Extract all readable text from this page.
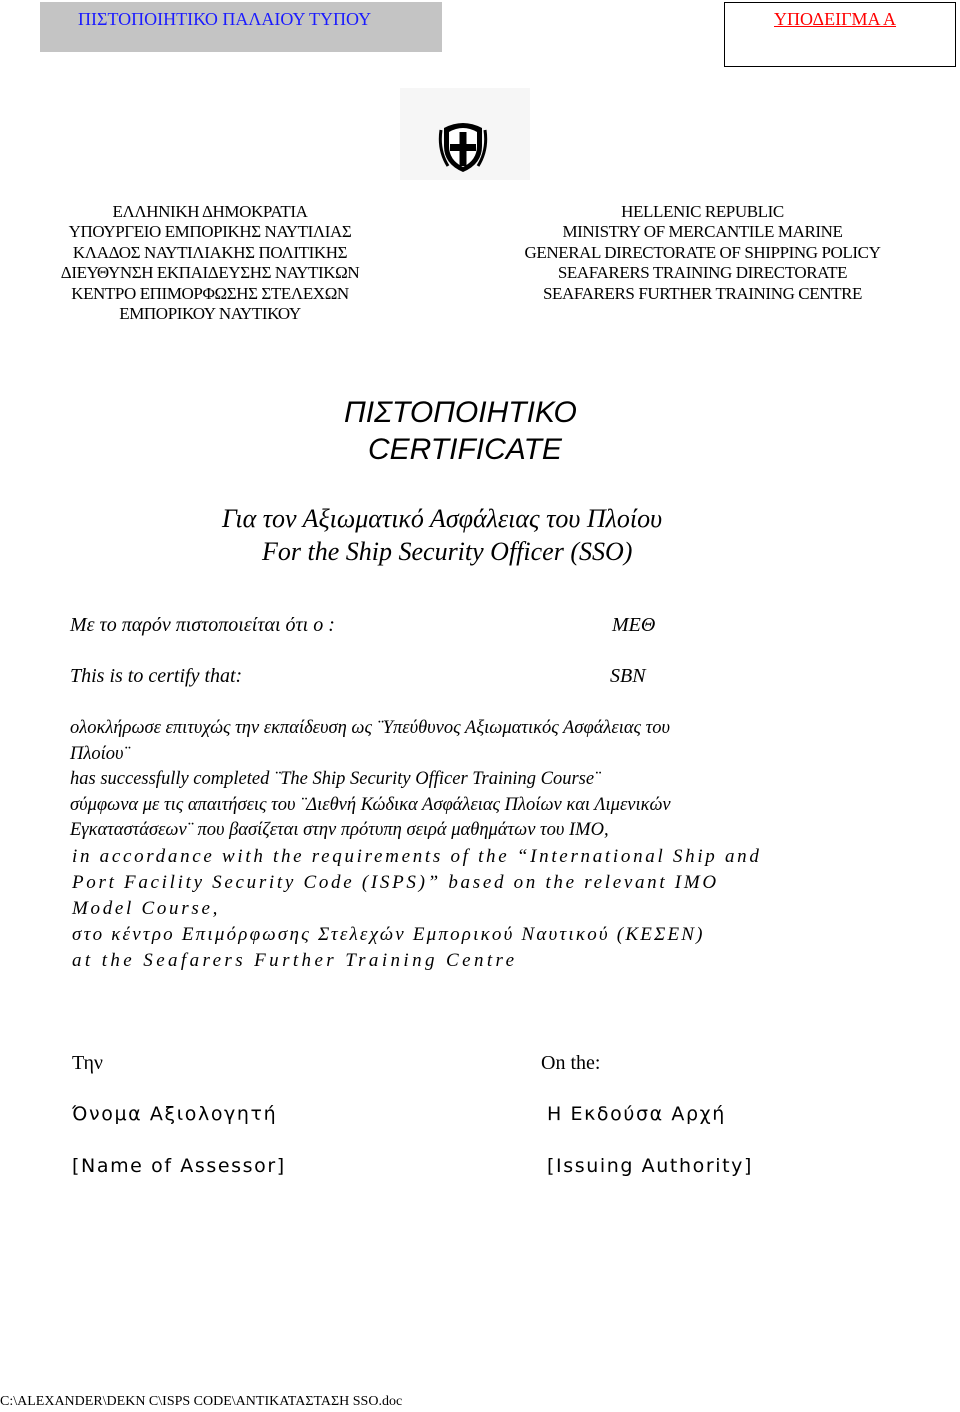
ΠΙΣΤΟΠΟΙΗΤΙΚΟ ΠΑΛΑΙΟΥ ΤΥΠΟΥ	ΥΠΟΔΕΙΓΜΑ Α
ΕΛΛΗΝΙΚΗ ΔΗΜΟΚΡΑΤΙΑ
ΥΠΟΥΡΓΕΙΟ ΕΜΠΟΡΙΚΗΣ ΝΑΥΤΙΛΙΑΣ
ΚΛΑΔΟΣ ΝΑΥΤΙΛΙΑΚΗΣ ΠΟΛΙΤΙΚΗΣ
ΔΙΕΥΘΥΝΣΗ ΕΚΠΑΙΔΕΥΣΗΣ ΝΑΥΤΙΚΩΝ
ΚΕΝΤΡΟ ΕΠΙΜΟΡΦΩΣΗΣ ΣΤΕΛΕΧΩΝ
ΕΜΠΟΡΙΚΟΥ ΝΑΥΤΙΚΟΥ
HELLENIC REPUBLIC
MINISTRY OF MERCANTILE MARINE
GENERAL DIRECTORATE OF SHIPPING POLICY
SEAFARERS TRAINING DIRECTORATE
SEAFARERS FURTHER TRAINING CENTRE
ΠΙΣΤΟΠΟΙΗΤΙΚΟ
CERTIFICATE
Για τον Αξιωματικό Ασφάλειας του Πλοίου
For the Ship Security Officer (SSO)
Με το παρόν πιστοποιείται ότι ο :	ΜΕΘ
This is to certify that:	SBN
ολοκλήρωσε επιτυχώς την εκπαίδευση ως ¨Υπεύθυνος Αξιωματικός Ασφάλειας του
Πλοίου¨
has successfully completed ¨The Ship Security Officer Training Course¨
σύμφωνα με τις απαιτήσεις του ¨Διεθνή Κώδικα Ασφάλειας Πλοίων και Λιμενικών
Εγκαταστάσεων¨ που βασίζεται στην πρότυπη σειρά μαθημάτων του IMO,
in accordance with the requirements of the “International Ship and
Port Facility Security Code (ISPS)” based on the relevant IMO
Model Course,
στο κέντρο Επιμόρφωσης Στελεχών Εμπορικού Ναυτικού (ΚΕΣΕΝ)
at the Seafarers Further Training Centre
Την	On the:
Όνομα Αξιολογητή	Η Εκδούσα Αρχή
[Name of Assessor]	[Issuing Authority]
C:\ALEXANDER\DEKN C\ISPS CODE\ANTIKATAΣΤΑΣΗ SSO.doc
